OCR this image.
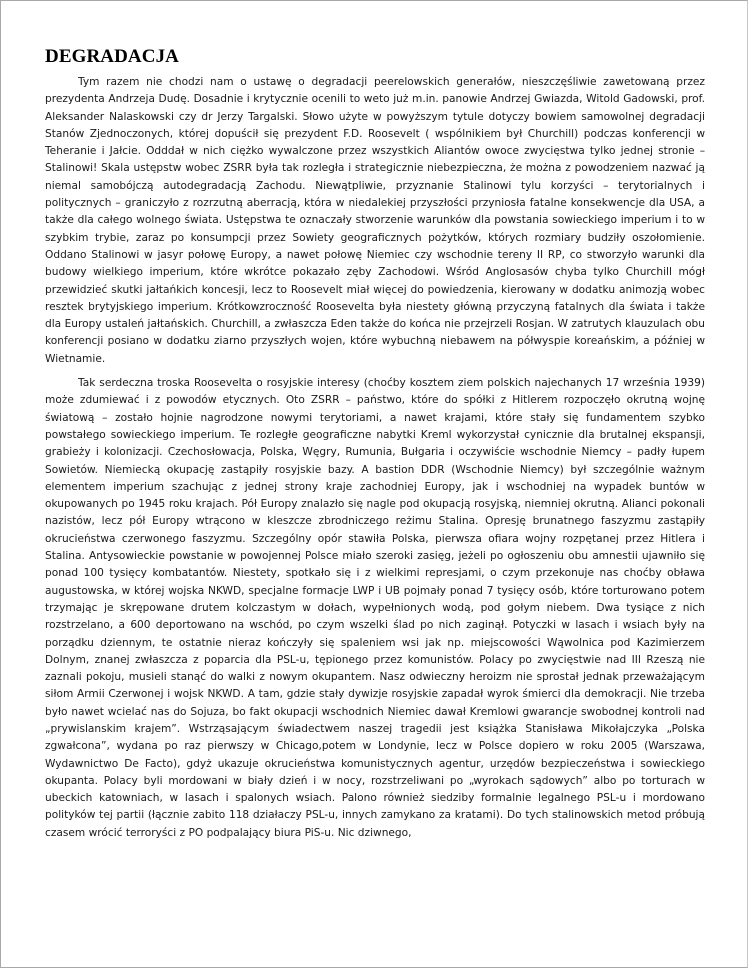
DEGRADACJA

Tym razem nie chodzi nam o ustawę o degradacji peerelowskich generałów, nieszczęśliwie zawetowaną przez prezydenta Andrzeja Dudę. Dosadnie i krytycznie ocenili to weto już m.in. panowie Andrzej Gwiazda, Witold Gadowski, prof. Aleksander Nalaskowski czy dr Jerzy Targalski. Słowo użyte w powyższym tytule dotyczy bowiem samowolnej degradacji Stanów Zjednoczonych, której dopuścił się prezydent F.D. Roosevelt ( wspólnikiem był Churchill) podczas konferencji w Teheranie i Jałcie. Odddał w nich ciężko wywalczone przez wszystkich Aliantów owoce zwycięstwa tylko jednej stronie – Stalinowi! Skala ustępstw wobec ZSRR była tak rozległa i strategicznie niebezpieczna, że można z powodzeniem nazwać ją niemal samobójczą autodegradacją Zachodu. Niewątpliwie, przyznanie Stalinowi tylu korzyści – terytorialnych i politycznych – graniczyło z rozrzutną aberracją, która w niedalekiej przyszłości przyniosła fatalne konsekwencje dla USA, a także dla całego wolnego świata. Ustępstwa te oznaczały stworzenie warunków dla powstania sowieckiego imperium i to w szybkim trybie, zaraz po konsumpcji przez Sowiety geograficznych pożytków, których rozmiary budziły oszołomienie. Oddano Stalinowi w jasyr połowę Europy, a nawet połowę Niemiec czy wschodnie tereny II RP, co stworzyło warunki dla budowy wielkiego imperium, które wkrótce pokazało zęby Zachodowi. Wśród Anglosasów chyba tylko Churchill mógł przewidzieć skutki jałtańkich koncesji, lecz to Roosevelt miał więcej do powiedzenia, kierowany w dodatku animozją wobec resztek brytyjskiego imperium. Krótkowzroczność Roosevelta była niestety główną przyczyną fatalnych dla świata i także dla Europy ustaleń jałtańskich. Churchill, a zwłaszcza Eden także do końca nie przejrzeli Rosjan. W zatrutych klauzulach obu konferencji posiano w dodatku ziarno przyszłych wojen, które wybuchną niebawem na półwyspie koreańskim, a później w Wietnamie.

Tak serdeczna troska Roosevelta o rosyjskie interesy (choćby kosztem ziem polskich najechanych 17 września 1939) może zdumiewać i z powodów etycznych. Oto ZSRR – państwo, które do spółki z Hitlerem rozpoczęło okrutną wojnę światową – zostało hojnie nagrodzone nowymi terytoriami, a nawet krajami, które stały się fundamentem szybko powstałego sowieckiego imperium. Te rozległe geograficzne nabytki Kreml wykorzystał cynicznie dla brutalnej ekspansji, grabieży i kolonizacji. Czechosłowacja, Polska, Węgry, Rumunia, Bułgaria i oczywiście wschodnie Niemcy – padły łupem Sowietów. Niemiecką okupację zastąpiły rosyjskie bazy. A bastion DDR (Wschodnie Niemcy) był szczególnie ważnym elementem imperium szachując z jednej strony kraje zachodniej Europy, jak i wschodniej na wypadek buntów w okupowanych po 1945 roku krajach. Pół Europy znalazło się nagle pod okupacją rosyjską, niemniej okrutną. Alianci pokonali nazistów, lecz pół Europy wtrącono w kleszcze zbrodniczego reżimu Stalina. Opresję brunatnego faszyzmu zastąpiły okrucieństwa czerwonego faszyzmu. Szczególny opór stawiła Polska, pierwsza ofiara wojny rozpętanej przez Hitlera i Stalina. Antysowieckie powstanie w powojennej Polsce miało szeroki zasięg, jeżeli po ogłoszeniu obu amnestii ujawniło się ponad 100 tysięcy kombatantów. Niestety, spotkało się i z wielkimi represjami, o czym przekonuje nas choćby obława augustowska, w której wojska NKWD, specjalne formacje LWP i UB pojmały ponad 7 tysięcy osób, które torturowano potem trzymając je skrępowane drutem kolczastym w dołach, wypełnionych wodą, pod gołym niebem. Dwa tysiące z nich rozstrzelano, a 600 deportowano na wschód, po czym wszelki ślad po nich zaginął. Potyczki w lasach i wsiach były na porządku dziennym, te ostatnie nieraz kończyły się spaleniem wsi jak np. miejscowości Wąwolnica pod Kazimierzem Dolnym, znanej zwłaszcza z poparcia dla PSL-u, tępionego przez komunistów. Polacy po zwycięstwie nad III Rzeszą nie zaznali pokoju, musieli stanąć do walki z nowym okupantem. Nasz odwieczny heroizm nie sprostał jednak przeważającym siłom Armii Czerwonej i wojsk NKWD. A tam, gdzie stały dywizje rosyjskie zapadał wyrok śmierci dla demokracji. Nie trzeba było nawet wcielać nas do Sojuza, bo fakt okupacji wschodnich Niemiec dawał Kremlowi gwarancje swobodnej kontroli nad „prywislanskim krajem”. Wstrząsającym świadectwem naszej tragedii jest książka Stanisława Mikołajczyka „Polska zgwałcona”, wydana po raz pierwszy w Chicago,potem w Londynie, lecz w Polsce dopiero w roku 2005 (Warszawa, Wydawnictwo De Facto), gdyż ukazuje okrucieństwa komunistycznych agentur, urzędów bezpieczeństwa i sowieckiego okupanta. Polacy byli mordowani w biały dzień i w nocy, rozstrzeliwani po „wyrokach sądowych” albo po torturach w ubeckich katowniach, w lasach i spalonych wsiach. Palono również siedziby formalnie legalnego PSL-u i mordowano polityków tej partii (łącznie zabito 118 działaczy PSL-u, innych zamykano za kratami). Do tych stalinowskich metod próbują czasem wrócić terroryści z PO podpalający biura PiS-u. Nic dziwnego,
